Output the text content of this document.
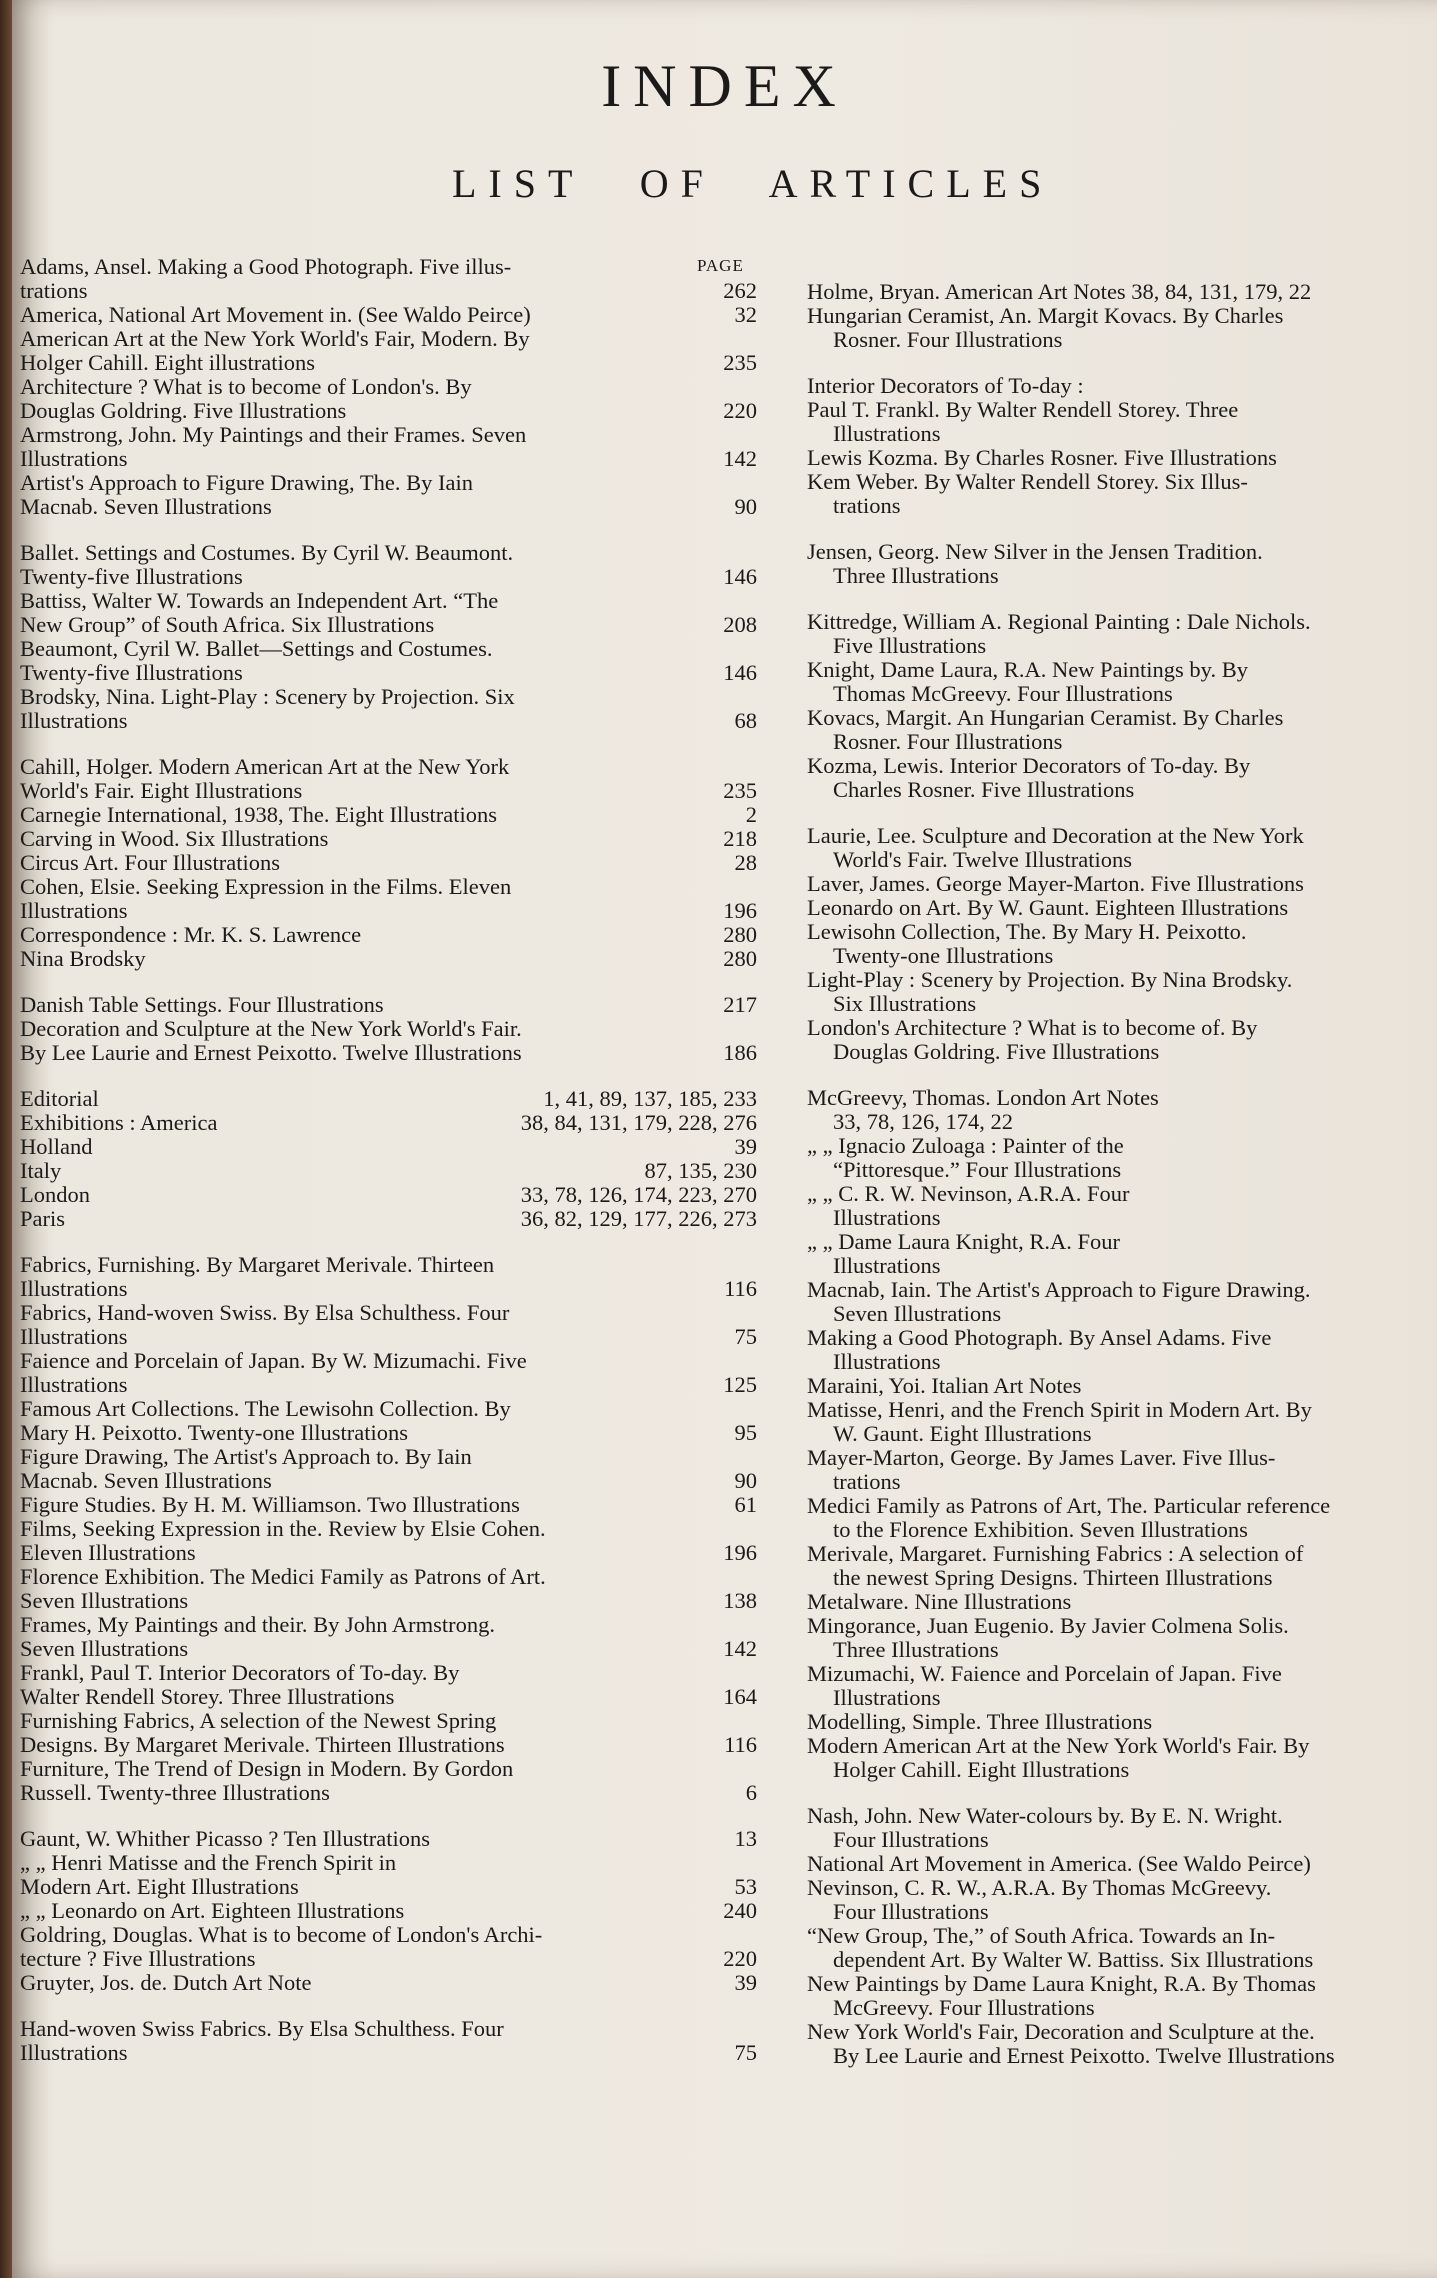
INDEX
LIST OF ARTICLES
PAGE
Adams, Ansel. Making a Good Photograph. Five illus-
trations	262
America, National Art Movement in. (See Waldo Peirce)	32
American Art at the New York World's Fair, Modern. By
Holger Cahill. Eight illustrations	235
Architecture ? What is to become of London's. By
Douglas Goldring. Five Illustrations	220
Armstrong, John. My Paintings and their Frames. Seven
Illustrations	142
Artist's Approach to Figure Drawing, The. By Iain
Macnab. Seven Illustrations	90
Ballet. Settings and Costumes. By Cyril W. Beaumont.
Twenty-five Illustrations	146
Battiss, Walter W. Towards an Independent Art. “The
New Group” of South Africa. Six Illustrations	208
Beaumont, Cyril W. Ballet—Settings and Costumes.
Twenty-five Illustrations	146
Brodsky, Nina. Light-Play : Scenery by Projection. Six
Illustrations	68
Cahill, Holger. Modern American Art at the New York
World's Fair. Eight Illustrations	235
Carnegie International, 1938, The. Eight Illustrations	2
Carving in Wood. Six Illustrations	218
Circus Art. Four Illustrations	28
Cohen, Elsie. Seeking Expression in the Films. Eleven
Illustrations	196
Correspondence : Mr. K. S. Lawrence	280
Nina Brodsky	280
Danish Table Settings. Four Illustrations	217
Decoration and Sculpture at the New York World's Fair.
By Lee Laurie and Ernest Peixotto. Twelve Illustrations	186
Editorial	1, 41, 89, 137, 185, 233
Exhibitions : America	38, 84, 131, 179, 228, 276
Holland	39
Italy	87, 135, 230
London	33, 78, 126, 174, 223, 270
Paris	36, 82, 129, 177, 226, 273
Fabrics, Furnishing. By Margaret Merivale. Thirteen
Illustrations	116
Fabrics, Hand-woven Swiss. By Elsa Schulthess. Four
Illustrations	75
Faience and Porcelain of Japan. By W. Mizumachi. Five
Illustrations	125
Famous Art Collections. The Lewisohn Collection. By
Mary H. Peixotto. Twenty-one Illustrations	95
Figure Drawing, The Artist's Approach to. By Iain
Macnab. Seven Illustrations	90
Figure Studies. By H. M. Williamson. Two Illustrations	61
Films, Seeking Expression in the. Review by Elsie Cohen.
Eleven Illustrations	196
Florence Exhibition. The Medici Family as Patrons of Art.
Seven Illustrations	138
Frames, My Paintings and their. By John Armstrong.
Seven Illustrations	142
Frankl, Paul T. Interior Decorators of To-day. By
Walter Rendell Storey. Three Illustrations	164
Furnishing Fabrics, A selection of the Newest Spring
Designs. By Margaret Merivale. Thirteen Illustrations	116
Furniture, The Trend of Design in Modern. By Gordon
Russell. Twenty-three Illustrations	6
Gaunt, W. Whither Picasso ? Ten Illustrations	13
„ „ Henri Matisse and the French Spirit in
Modern Art. Eight Illustrations	53
„ „ Leonardo on Art. Eighteen Illustrations	240
Goldring, Douglas. What is to become of London's Archi-
tecture ? Five Illustrations	220
Gruyter, Jos. de. Dutch Art Note	39
Hand-woven Swiss Fabrics. By Elsa Schulthess. Four
Illustrations	75
Holme, Bryan. American Art Notes 38, 84, 131, 179, 22
Hungarian Ceramist, An. Margit Kovacs. By Charles
Rosner. Four Illustrations
Interior Decorators of To-day :
Paul T. Frankl. By Walter Rendell Storey. Three
Illustrations
Lewis Kozma. By Charles Rosner. Five Illustrations
Kem Weber. By Walter Rendell Storey. Six Illus-
trations
Jensen, Georg. New Silver in the Jensen Tradition.
Three Illustrations
Kittredge, William A. Regional Painting : Dale Nichols.
Five Illustrations
Knight, Dame Laura, R.A. New Paintings by. By
Thomas McGreevy. Four Illustrations
Kovacs, Margit. An Hungarian Ceramist. By Charles
Rosner. Four Illustrations
Kozma, Lewis. Interior Decorators of To-day. By
Charles Rosner. Five Illustrations
Laurie, Lee. Sculpture and Decoration at the New York
World's Fair. Twelve Illustrations
Laver, James. George Mayer-Marton. Five Illustrations
Leonardo on Art. By W. Gaunt. Eighteen Illustrations
Lewisohn Collection, The. By Mary H. Peixotto.
Twenty-one Illustrations
Light-Play : Scenery by Projection. By Nina Brodsky.
Six Illustrations
London's Architecture ? What is to become of. By
Douglas Goldring. Five Illustrations
McGreevy, Thomas. London Art Notes
33, 78, 126, 174, 22
„ „ Ignacio Zuloaga : Painter of the
“Pittoresque.” Four Illustrations
„ „ C. R. W. Nevinson, A.R.A. Four
Illustrations
„ „ Dame Laura Knight, R.A. Four
Illustrations
Macnab, Iain. The Artist's Approach to Figure Drawing.
Seven Illustrations
Making a Good Photograph. By Ansel Adams. Five
Illustrations
Maraini, Yoi. Italian Art Notes
Matisse, Henri, and the French Spirit in Modern Art. By
W. Gaunt. Eight Illustrations
Mayer-Marton, George. By James Laver. Five Illus-
trations
Medici Family as Patrons of Art, The. Particular reference
to the Florence Exhibition. Seven Illustrations
Merivale, Margaret. Furnishing Fabrics : A selection of
the newest Spring Designs. Thirteen Illustrations
Metalware. Nine Illustrations
Mingorance, Juan Eugenio. By Javier Colmena Solis.
Three Illustrations
Mizumachi, W. Faience and Porcelain of Japan. Five
Illustrations
Modelling, Simple. Three Illustrations
Modern American Art at the New York World's Fair. By
Holger Cahill. Eight Illustrations
Nash, John. New Water-colours by. By E. N. Wright.
Four Illustrations
National Art Movement in America. (See Waldo Peirce)
Nevinson, C. R. W., A.R.A. By Thomas McGreevy.
Four Illustrations
“New Group, The,” of South Africa. Towards an In-
dependent Art. By Walter W. Battiss. Six Illustrations
New Paintings by Dame Laura Knight, R.A. By Thomas
McGreevy. Four Illustrations
New York World's Fair, Decoration and Sculpture at the.
By Lee Laurie and Ernest Peixotto. Twelve Illustrations
